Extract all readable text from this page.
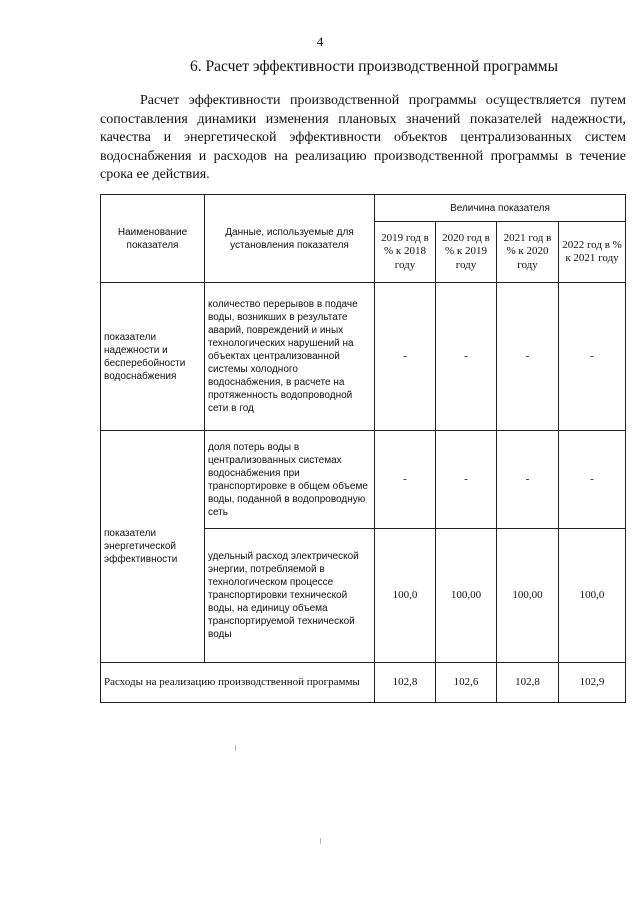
4
6. Расчет эффективности производственной программы

Расчет эффективности производственной программы осуществляется путем сопоставления динамики изменения плановых значений показателей надежности, качества и энергетической эффективности объектов централизованных систем водоснабжения и расходов на реализацию производственной программы в течение срока ее действия.

Наименование показателя	Данные, используемые для установления показателя	Величина показателя			
		2019 год в % к 2018 году	2020 год в % к 2019 году	2021 год в % к 2020 году	2022 год в % к 2021 году
показатели надежности и бесперебойности водоснабжения	количество перерывов в подаче воды, возникших в результате аварий, повреждений и иных технологических нарушений на объектах централизованной системы холодного водоснабжения, в расчете на протяженность водопроводной сети в год	-	-	-	-
показатели энергетической эффективности	доля потерь воды в централизованных системах водоснабжения при транспортировке в общем объеме воды, поданной в водопроводную сеть	-	-	-	-
	удельный расход электрической энергии, потребляемой в технологическом процессе транспортировки технической воды, на единицу объема транспортируемой технической воды	100,0	100,00	100,00	100,0
Расходы на реализацию производственной программы		102,8	102,6	102,8	102,9
